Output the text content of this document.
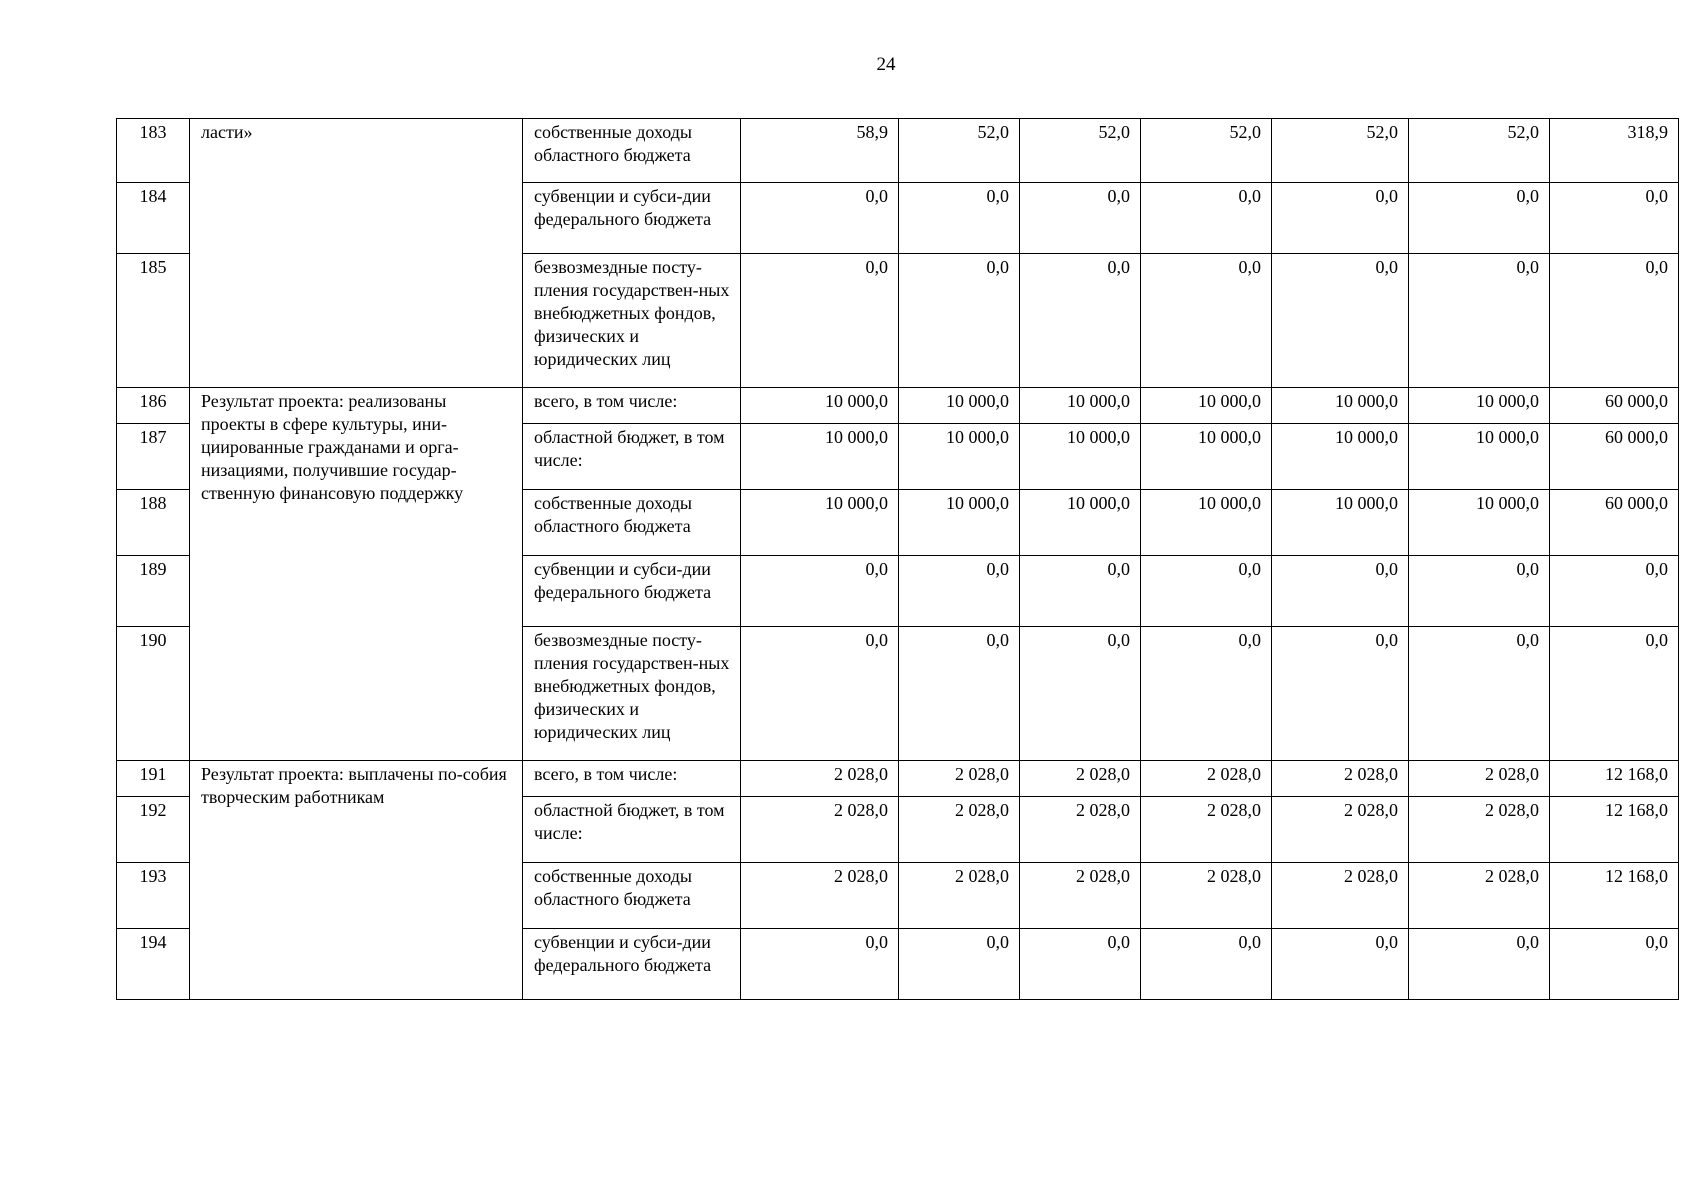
24
183	ласти»	собственные доходы областного бюджета	58,9	52,0	52,0	52,0	52,0	52,0	318,9
184		субвенции и субси-дии федерального бюджета	0,0	0,0	0,0	0,0	0,0	0,0	0,0
185		безвозмездные посту-пления государствен-ных внебюджетных фондов, физических и юридических лиц	0,0	0,0	0,0	0,0	0,0	0,0	0,0
186	Результат проекта: реализованы проекты в сфере культуры, ини-циированные гражданами и орга-низациями, получившие государ-ственную финансовую поддержку	всего, в том числе:	10 000,0	10 000,0	10 000,0	10 000,0	10 000,0	10 000,0	60 000,0
187		областной бюджет, в том числе:	10 000,0	10 000,0	10 000,0	10 000,0	10 000,0	10 000,0	60 000,0
188		собственные доходы областного бюджета	10 000,0	10 000,0	10 000,0	10 000,0	10 000,0	10 000,0	60 000,0
189		субвенции и субси-дии федерального бюджета	0,0	0,0	0,0	0,0	0,0	0,0	0,0
190		безвозмездные посту-пления государствен-ных внебюджетных фондов, физических и юридических лиц	0,0	0,0	0,0	0,0	0,0	0,0	0,0
191	Результат проекта: выплачены по-собия творческим работникам	всего, в том числе:	2 028,0	2 028,0	2 028,0	2 028,0	2 028,0	2 028,0	12 168,0
192		областной бюджет, в том числе:	2 028,0	2 028,0	2 028,0	2 028,0	2 028,0	2 028,0	12 168,0
193		собственные доходы областного бюджета	2 028,0	2 028,0	2 028,0	2 028,0	2 028,0	2 028,0	12 168,0
194		субвенции и субси-дии федерального бюджета	0,0	0,0	0,0	0,0	0,0	0,0	0,0
